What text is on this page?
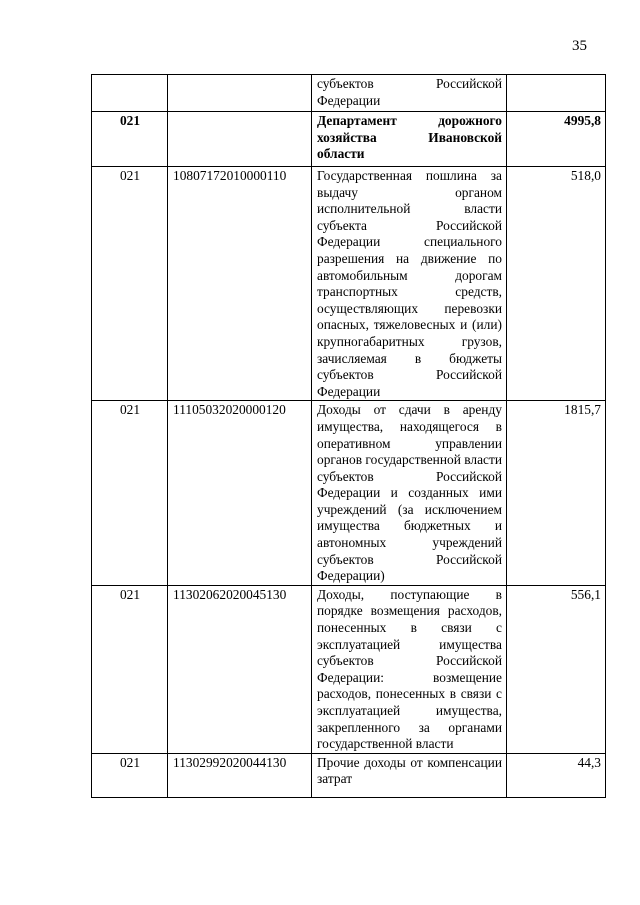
35
		субъектов Российской Федерации	
021		Департамент дорожного хозяйства Ивановской области	4995,8
021	10807172010000110	Государственная пошлина за выдачу органом исполнительной власти субъекта Российской Федерации специального разрешения на движение по автомобильным дорогам транспортных средств, осуществляющих перевозки опасных, тяжеловесных и (или) крупногабаритных грузов, зачисляемая в бюджеты субъектов Российской Федерации	518,0
021	11105032020000120	Доходы от сдачи в аренду имущества, находящегося в оперативном управлении органов государственной власти субъектов Российской Федерации и созданных ими учреждений (за исключением имущества бюджетных и автономных учреждений субъектов Российской Федерации)	1815,7
021	11302062020045130	Доходы, поступающие в порядке возмещения расходов, понесенных в связи с эксплуатацией имущества субъектов Российской Федерации: возмещение расходов, понесенных в связи с эксплуатацией имущества, закрепленного за органами государственной власти	556,1

021	11302992020044130	Прочие доходы от компенсации затрат	44,3
